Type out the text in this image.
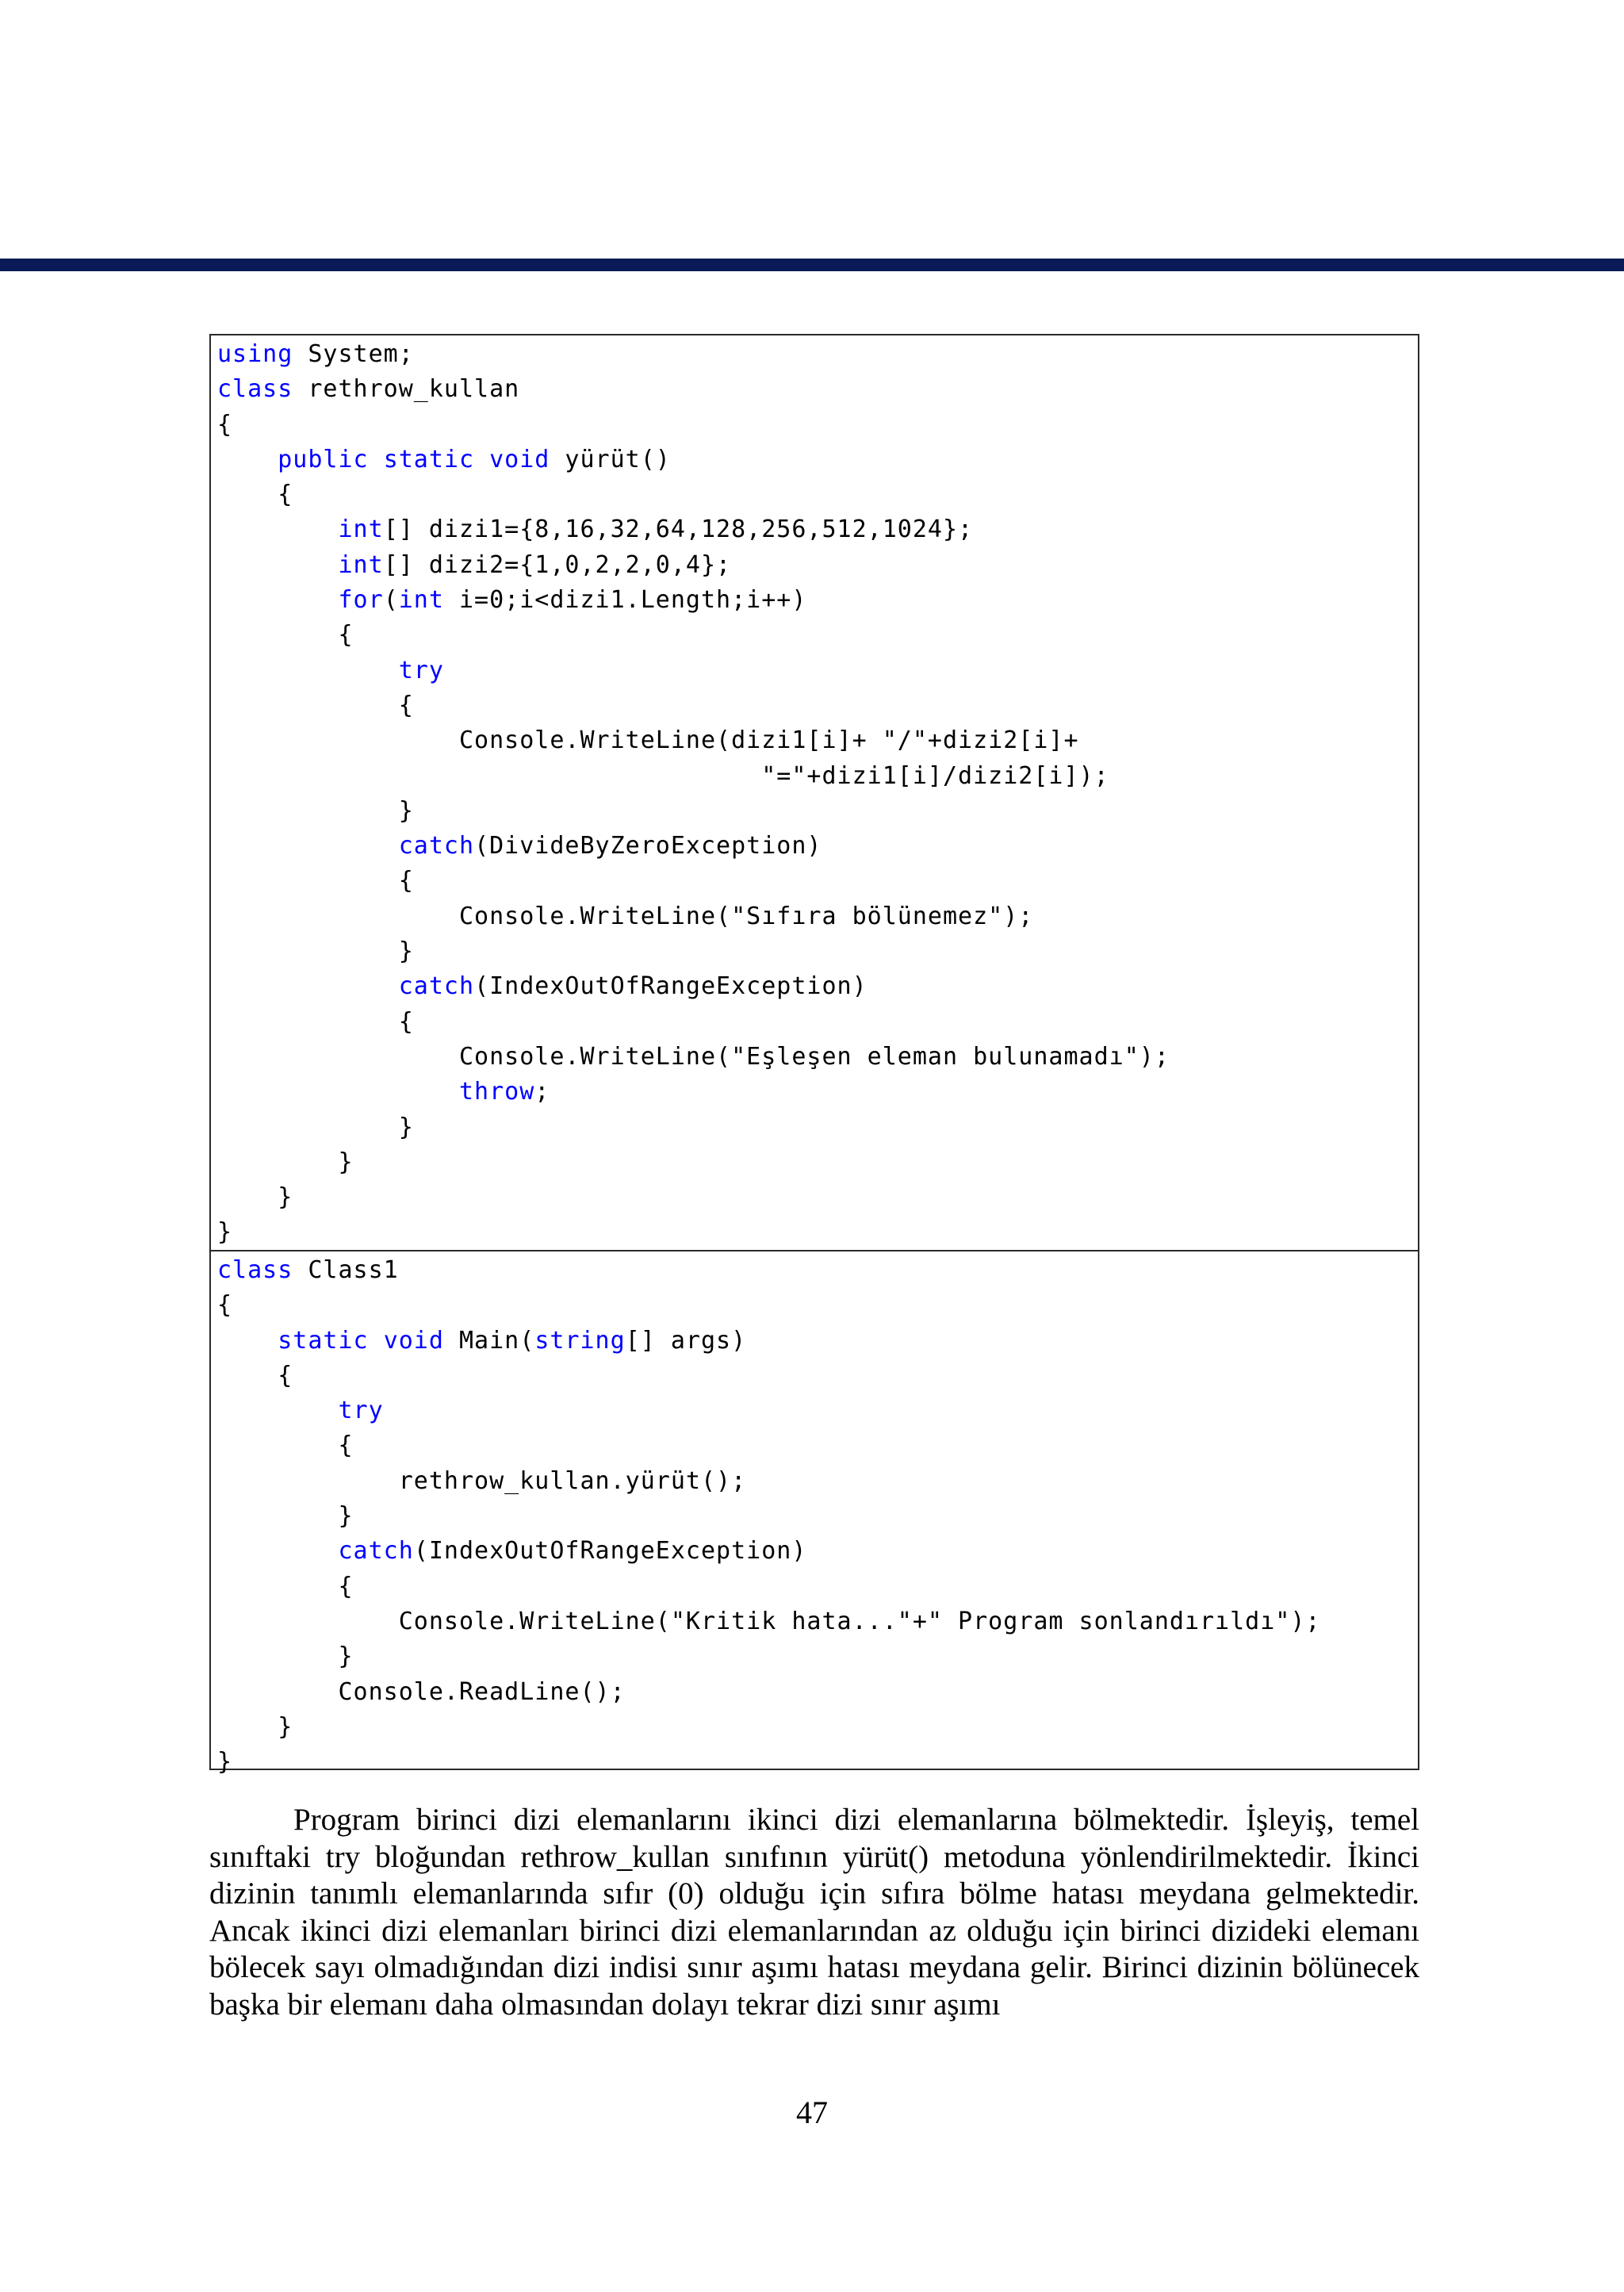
using System;
class rethrow_kullan
{
public static void yürüt()
{
int[] dizi1={8,16,32,64,128,256,512,1024};
int[] dizi2={1,0,2,2,0,4};
for(int i=0;i<dizi1.Length;i++)
{
try
{
Console.WriteLine(dizi1[i]+ "/"+dizi2[i]+
"="+dizi1[i]/dizi2[i]);
}
catch(DivideByZeroException)
{
Console.WriteLine("Sıfıra bölünemez");
}
catch(IndexOutOfRangeException)
{
Console.WriteLine("Eşleşen eleman bulunamadı");
throw;
}
}
}
}
class Class1
{
static void Main(string[] args)
{
try
{
rethrow_kullan.yürüt();
}
catch(IndexOutOfRangeException)
{
Console.WriteLine("Kritik hata..."+" Program sonlandırıldı");
}
Console.ReadLine();
}
}

Program birinci dizi elemanlarını ikinci dizi elemanlarına bölmektedir. İşleyiş, temel sınıftaki try bloğundan rethrow_kullan sınıfının yürüt() metoduna yönlendirilmektedir. İkinci dizinin tanımlı elemanlarında sıfır (0) olduğu için sıfıra bölme hatası meydana gelmektedir. Ancak ikinci dizi elemanları birinci dizi elemanlarından az olduğu için birinci dizideki elemanı bölecek sayı olmadığından dizi indisi sınır aşımı hatası meydana gelir. Birinci dizinin bölünecek başka bir elemanı daha olmasından dolayı tekrar dizi sınır aşımı

47
